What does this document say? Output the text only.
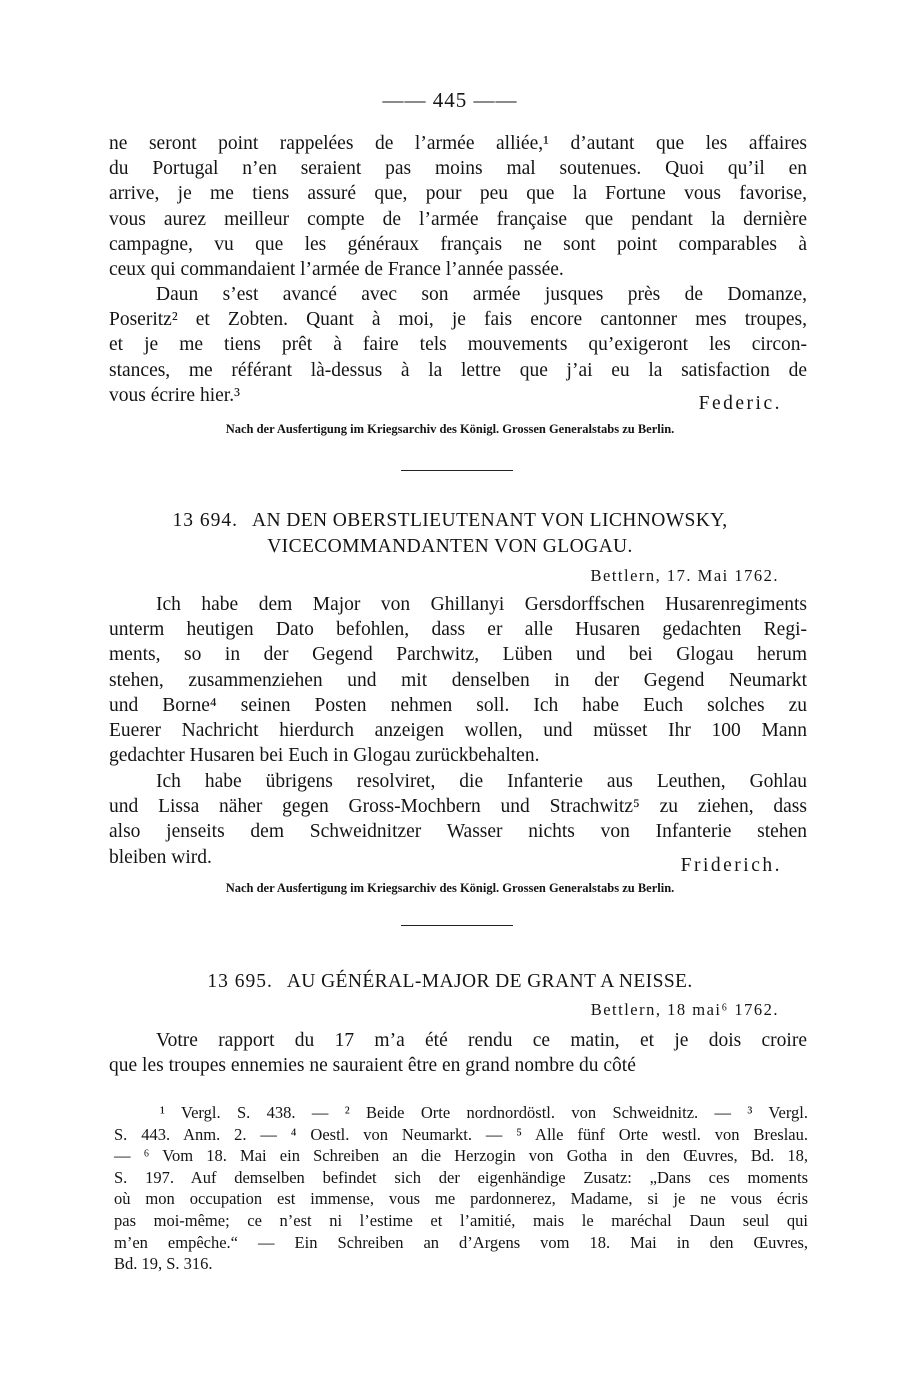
—— 445 ——
ne seront point rappelées de l’armée alliée,¹ d’autant que les affaires
du Portugal n’en seraient pas moins mal soutenues. Quoi qu’il en
arrive, je me tiens assuré que, pour peu que la Fortune vous favorise,
vous aurez meilleur compte de l’armée française que pendant la dernière
campagne, vu que les généraux français ne sont point comparables à
ceux qui commandaient l’armée de France l’année passée.
Daun s’est avancé avec son armée jusques près de Domanze,
Poseritz² et Zobten. Quant à moi, je fais encore cantonner mes troupes,
et je me tiens prêt à faire tels mouvements qu’exigeront les circon-
stances, me référant là-dessus à la lettre que j’ai eu la satisfaction de
vous écrire hier.³	Federic.
Nach der Ausfertigung im Kriegsarchiv des Königl. Grossen Generalstabs zu Berlin.
13 694. AN DEN OBERSTLIEUTENANT VON LICHNOWSKY,
VICECOMMANDANTEN VON GLOGAU.
Bettlern, 17. Mai 1762.
Ich habe dem Major von Ghillanyi Gersdorffschen Husarenregiments
unterm heutigen Dato befohlen, dass er alle Husaren gedachten Regi-
ments, so in der Gegend Parchwitz, Lüben und bei Glogau herum
stehen, zusammenziehen und mit denselben in der Gegend Neumarkt
und Borne⁴ seinen Posten nehmen soll. Ich habe Euch solches zu
Euerer Nachricht hierdurch anzeigen wollen, und müsset Ihr 100 Mann
gedachter Husaren bei Euch in Glogau zurückbehalten.
Ich habe übrigens resolviret, die Infanterie aus Leuthen, Gohlau
und Lissa näher gegen Gross-Mochbern und Strachwitz⁵ zu ziehen, dass
also jenseits dem Schweidnitzer Wasser nichts von Infanterie stehen
bleiben wird.	Friderich.
Nach der Ausfertigung im Kriegsarchiv des Königl. Grossen Generalstabs zu Berlin.
13 695. AU GÉNÉRAL-MAJOR DE GRANT A NEISSE.
Bettlern, 18 mai⁶ 1762.
Votre rapport du 17 m’a été rendu ce matin, et je dois croire
que les troupes ennemies ne sauraient être en grand nombre du côté
¹ Vergl. S. 438. — ² Beide Orte nordnordöstl. von Schweidnitz. — ³ Vergl.
S. 443. Anm. 2. — ⁴ Oestl. von Neumarkt. — ⁵ Alle fünf Orte westl. von Breslau.
— ⁶ Vom 18. Mai ein Schreiben an die Herzogin von Gotha in den Œuvres, Bd. 18,
S. 197. Auf demselben befindet sich der eigenhändige Zusatz: „Dans ces moments
où mon occupation est immense, vous me pardonnerez, Madame, si je ne vous écris
pas moi-même; ce n’est ni l’estime et l’amitié, mais le maréchal Daun seul qui
m’en empêche.“ — Ein Schreiben an d’Argens vom 18. Mai in den Œuvres,
Bd. 19, S. 316.
